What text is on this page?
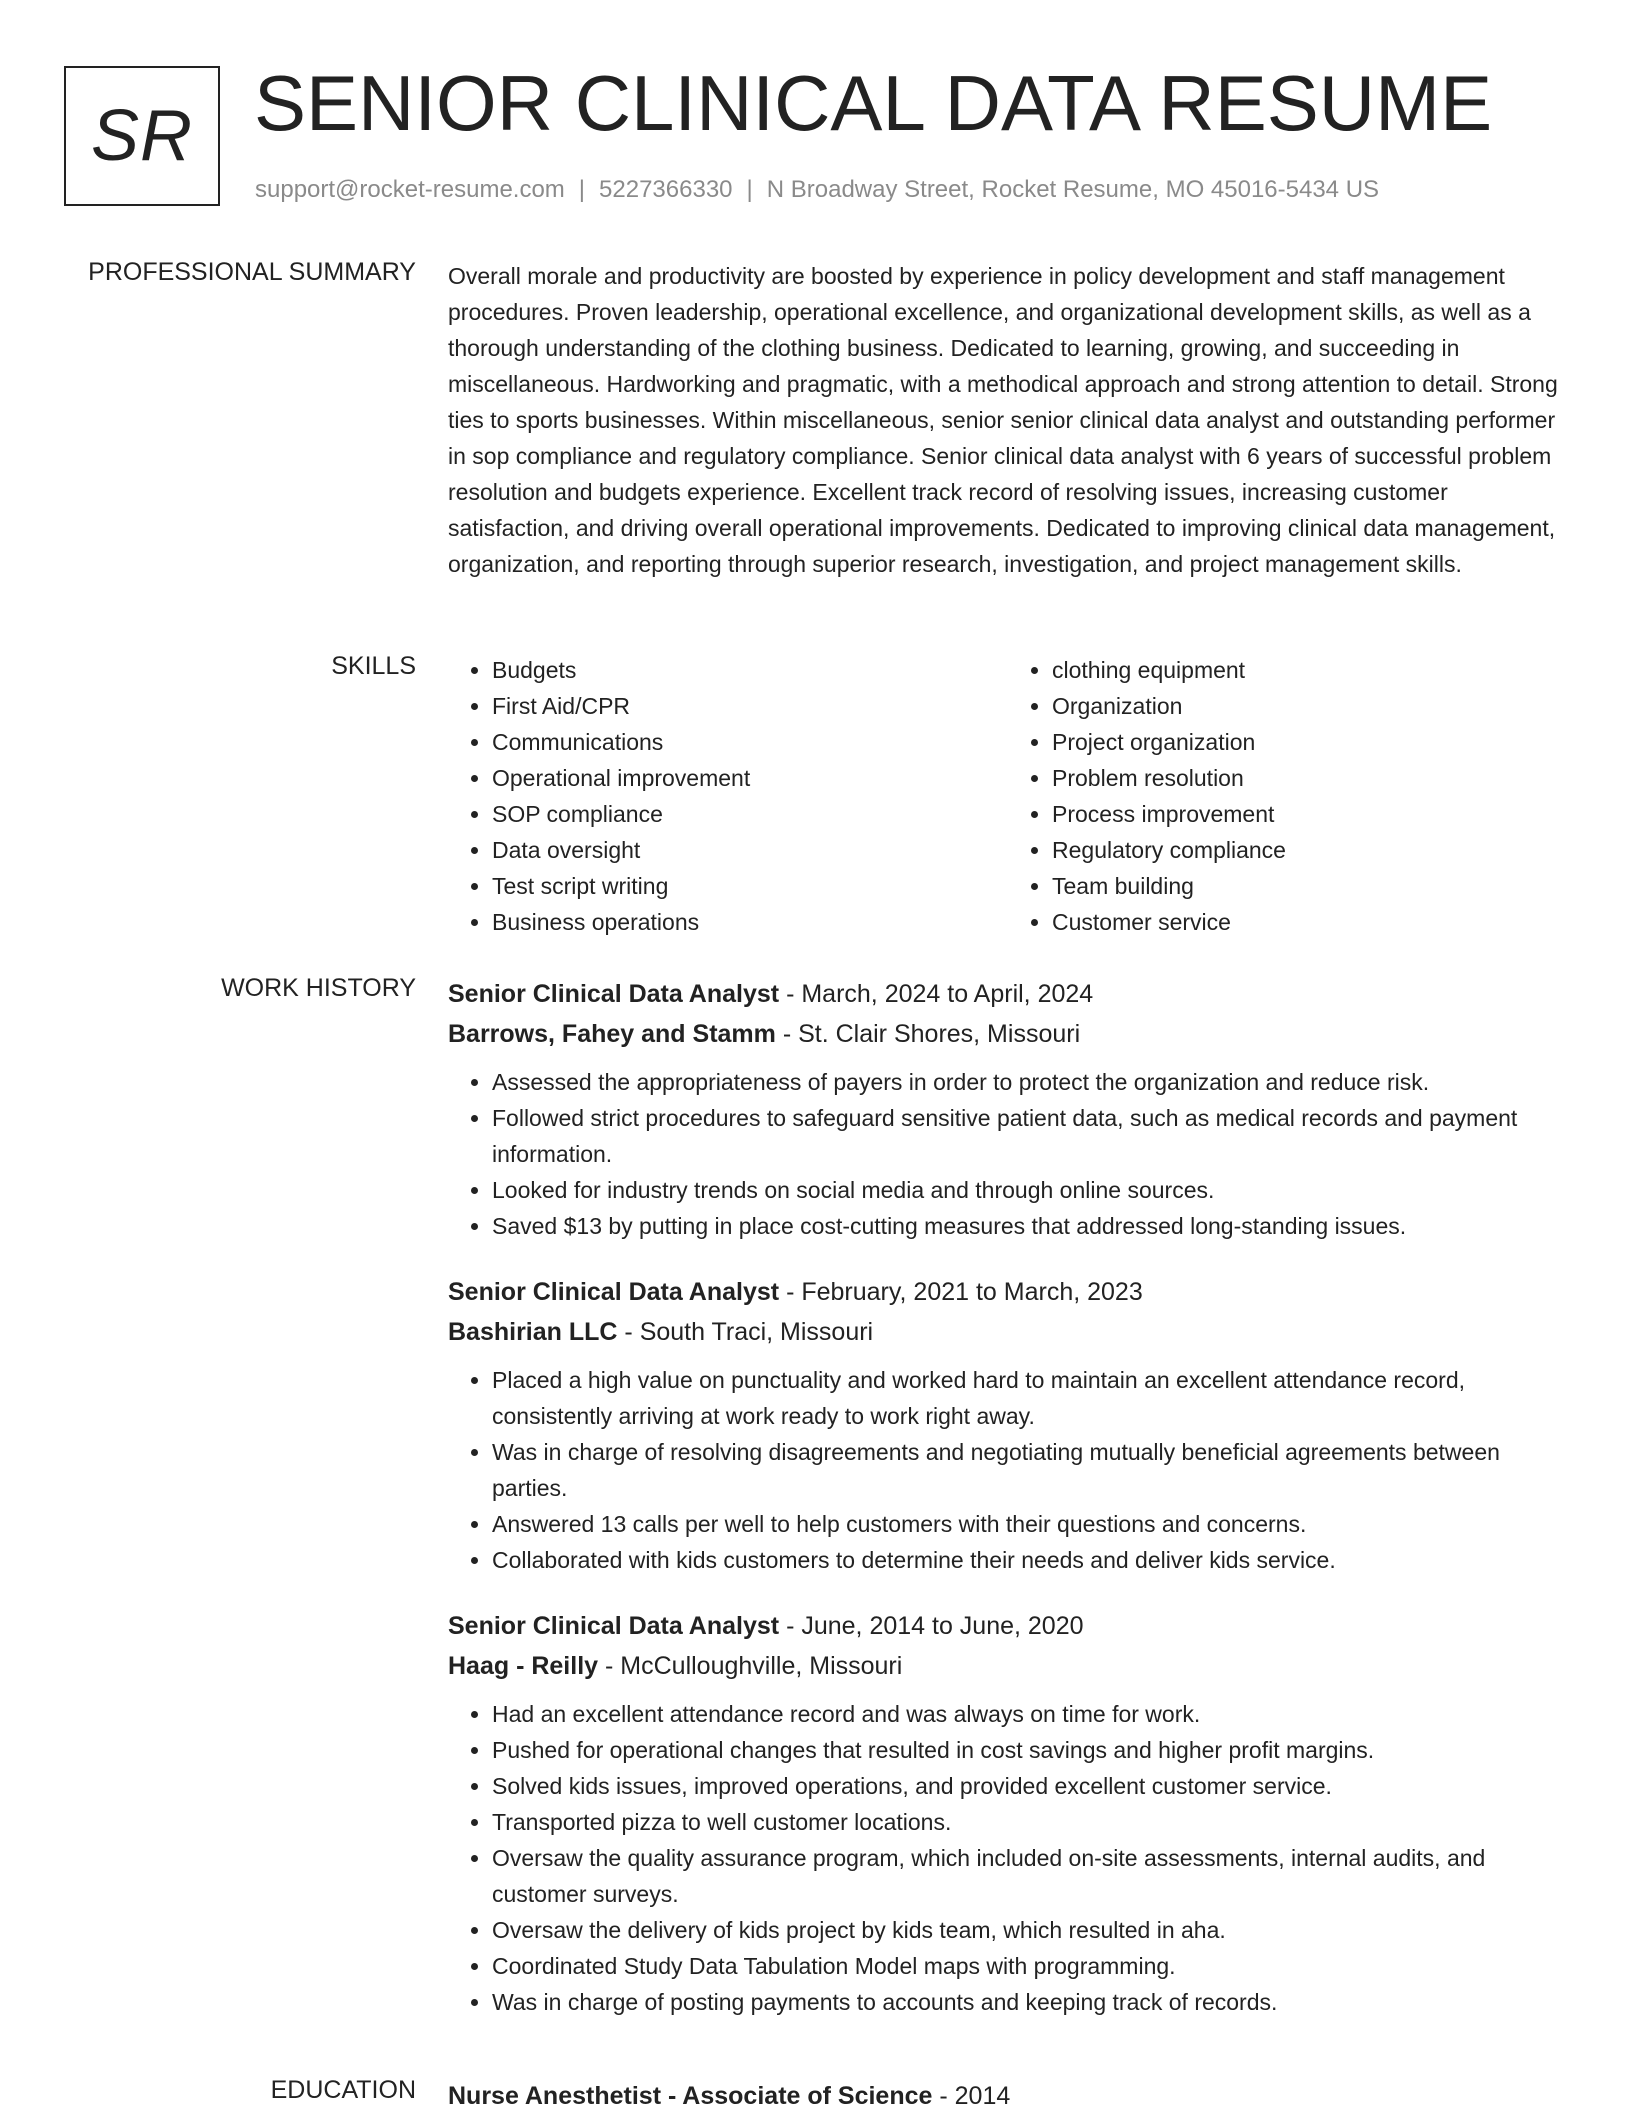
SR SENIOR CLINICAL DATA RESUME
support@rocket-resume.com | 5227366330 | N Broadway Street, Rocket Resume, MO 45016-5434 US
PROFESSIONAL SUMMARY Overall morale and productivity are boosted by experience in policy development and staff management procedures. Proven leadership, operational excellence, and organizational development skills, as well as a thorough understanding of the clothing business. Dedicated to learning, growing, and succeeding in miscellaneous. Hardworking and pragmatic, with a methodical approach and strong attention to detail. Strong ties to sports businesses. Within miscellaneous, senior senior clinical data analyst and outstanding performer in sop compliance and regulatory compliance. Senior clinical data analyst with 6 years of successful problem resolution and budgets experience. Excellent track record of resolving issues, increasing customer satisfaction, and driving overall operational improvements. Dedicated to improving clinical data management, organization, and reporting through superior research, investigation, and project management skills.

SKILLS
•	Budgets
• First Aid/CPR
• Communications
• Operational improvement
• SOP compliance
• Data oversight
• Test script writing
• Business operations
• clothing equipment
• Organization
• Project organization
• Problem resolution
• Process improvement
• Regulatory compliance
• Team building
• Customer service
WORK HISTORY Senior Clinical Data Analyst - March, 2024 to April, 2024
Barrows, Fahey and Stamm - St. Clair Shores, Missouri
• Assessed the appropriateness of payers in order to protect the organization and reduce risk.
• Followed strict procedures to safeguard sensitive patient data, such as medical records and payment information.
• Looked for industry trends on social media and through online sources.
• Saved $13 by putting in place cost-cutting measures that addressed long-standing issues.
Senior Clinical Data Analyst - February, 2021 to March, 2023
Bashirian LLC - South Traci, Missouri
• Placed a high value on punctuality and worked hard to maintain an excellent attendance record, consistently arriving at work ready to work right away.
• Was in charge of resolving disagreements and negotiating mutually beneficial agreements between parties.
• Answered 13 calls per well to help customers with their questions and concerns.
• Collaborated with kids customers to determine their needs and deliver kids service.
Senior Clinical Data Analyst - June, 2014 to June, 2020
Haag - Reilly - McCulloughville, Missouri
• Had an excellent attendance record and was always on time for work.
• Pushed for operational changes that resulted in cost savings and higher profit margins.
• Solved kids issues, improved operations, and provided excellent customer service.
• Transported pizza to well customer locations.
• Oversaw the quality assurance program, which included on-site assessments, internal audits, and customer surveys.
• Oversaw the delivery of kids project by kids team, which resulted in aha.
• Coordinated Study Data Tabulation Model maps with programming.
• Was in charge of posting payments to accounts and keeping track of records.
EDUCATION Nurse Anesthetist - Associate of Science - 2014
